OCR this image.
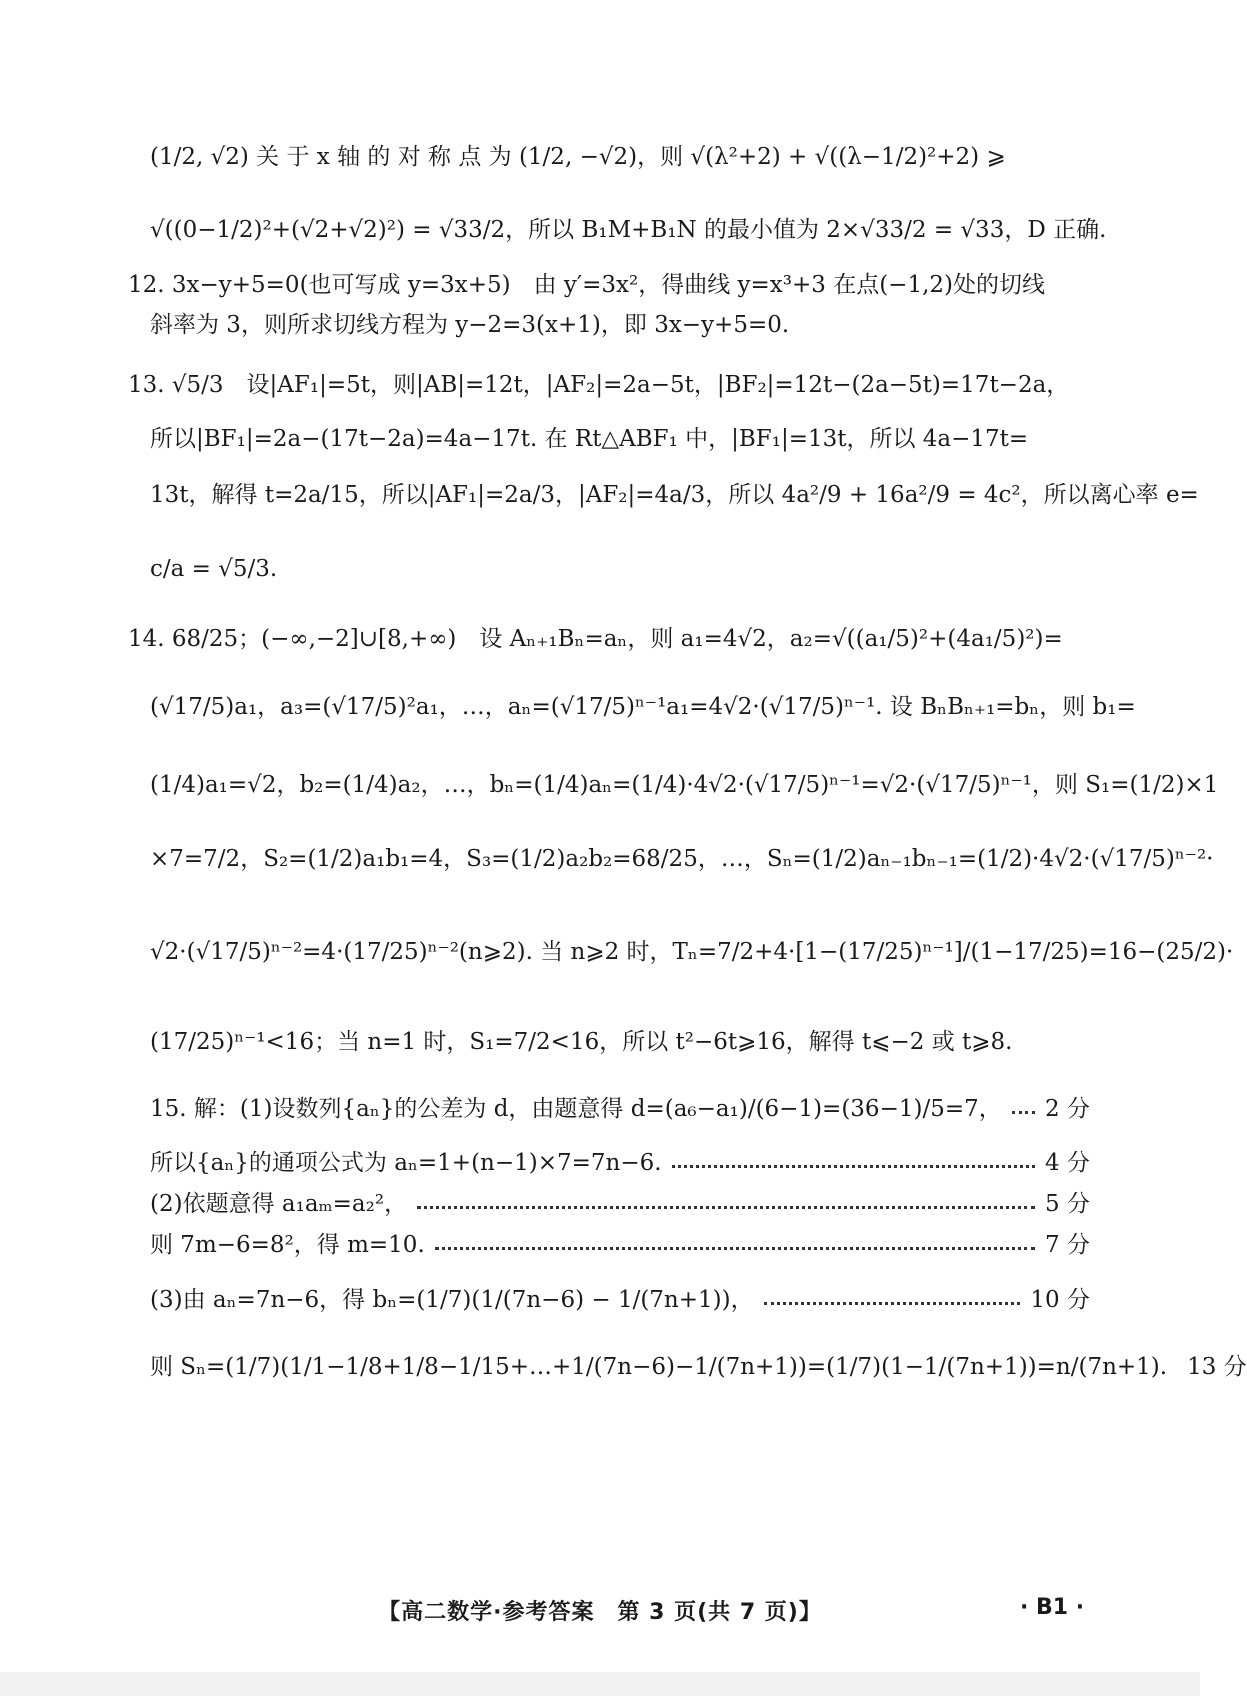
(1/2, √2) 关 于 x 轴 的 对 称 点 为 (1/2, −√2)，则 √(λ²+2) + √((λ−1/2)²+2) ⩾
√((0−1/2)²+(√2+√2)²) = √33/2，所以 B₁M+B₁N 的最小值为 2×√33/2 = √33，D 正确.
12. 3x−y+5=0(也可写成 y=3x+5)　由 y′=3x²，得曲线 y=x³+3 在点(−1,2)处的切线
斜率为 3，则所求切线方程为 y−2=3(x+1)，即 3x−y+5=0.
13. √5/3　设|AF₁|=5t，则|AB|=12t，|AF₂|=2a−5t，|BF₂|=12t−(2a−5t)=17t−2a，
所以|BF₁|=2a−(17t−2a)=4a−17t. 在 Rt△ABF₁ 中，|BF₁|=13t，所以 4a−17t=
13t，解得 t=2a/15，所以|AF₁|=2a/3，|AF₂|=4a/3，所以 4a²/9 + 16a²/9 = 4c²，所以离心率 e=
c/a = √5/3.
14. 68/25；(−∞,−2]∪[8,+∞)　设 Aₙ₊₁Bₙ=aₙ，则 a₁=4√2，a₂=√((a₁/5)²+(4a₁/5)²)=
(√17/5)a₁，a₃=(√17/5)²a₁，…，aₙ=(√17/5)ⁿ⁻¹a₁=4√2·(√17/5)ⁿ⁻¹. 设 BₙBₙ₊₁=bₙ，则 b₁=
(1/4)a₁=√2，b₂=(1/4)a₂，…，bₙ=(1/4)aₙ=(1/4)·4√2·(√17/5)ⁿ⁻¹=√2·(√17/5)ⁿ⁻¹，则 S₁=(1/2)×1
×7=7/2，S₂=(1/2)a₁b₁=4，S₃=(1/2)a₂b₂=68/25，…，Sₙ=(1/2)aₙ₋₁bₙ₋₁=(1/2)·4√2·(√17/5)ⁿ⁻²·
√2·(√17/5)ⁿ⁻²=4·(17/25)ⁿ⁻²(n⩾2). 当 n⩾2 时，Tₙ=7/2+4·[1−(17/25)ⁿ⁻¹]/(1−17/25)=16−(25/2)·
(17/25)ⁿ⁻¹<16；当 n=1 时，S₁=7/2<16，所以 t²−6t⩾16，解得 t⩽−2 或 t⩾8.
15. 解：(1)设数列{aₙ}的公差为 d，由题意得 d=(a₆−a₁)/(6−1)=(36−1)/5=7， 2 分
所以{aₙ}的通项公式为 aₙ=1+(n−1)×7=7n−6.	4 分
(2)依题意得 a₁aₘ=a₂²，	5 分
则 7m−6=8²，得 m=10.	7 分
(3)由 aₙ=7n−6，得 bₙ=(1/7)(1/(7n−6) − 1/(7n+1))，	10 分
则 Sₙ=(1/7)(1/1−1/8+1/8−1/15+…+1/(7n−6)−1/(7n+1))=(1/7)(1−1/(7n+1))=n/(7n+1). 13 分
【高二数学·参考答案　第 3 页(共 7 页)】	· B1 ·
